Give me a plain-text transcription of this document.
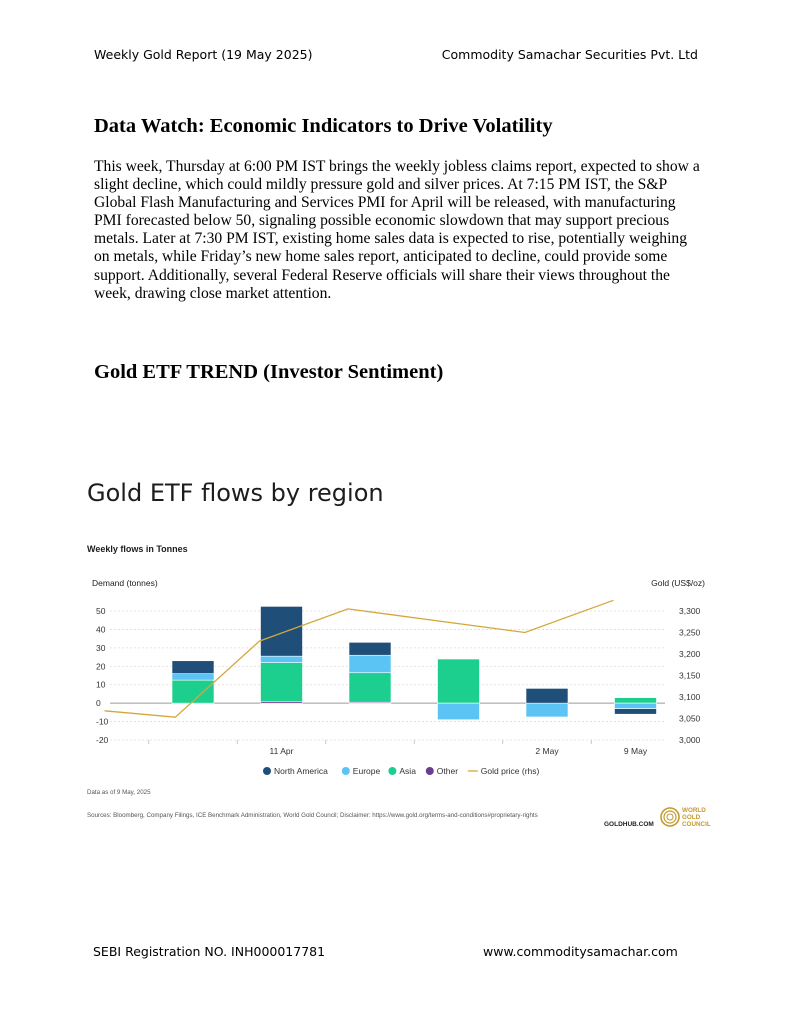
Weekly Gold Report (19 May 2025)	Commodity Samachar Securities Pvt. Ltd
Data Watch: Economic Indicators to Drive Volatility
This week, Thursday at 6:00 PM IST brings the weekly jobless claims report, expected to show a slight decline, which could mildly pressure gold and silver prices. At 7:15 PM IST, the S&P Global Flash Manufacturing and Services PMI for April will be released, with manufacturing PMI forecasted below 50, signaling possible economic slowdown that may support precious metals. Later at 7:30 PM IST, existing home sales data is expected to rise, potentially weighing on metals, while Friday’s new home sales report, anticipated to decline, could provide some support. Additionally, several Federal Reserve officials will share their views throughout the week, drawing close market attention.
Gold ETF TREND (Investor Sentiment)
Gold ETF flows by region
Weekly flows in Tonnes
Demand (tonnes)	Gold (US$/oz)
-20
-10
0
10
20
30
40
50
3,000
3,050
3,100
3,150
3,200
3,250
3,300
11 Apr	2 May	9 May
North America	Europe Asia Other	Gold price (rhs)
Data as of 9 May, 2025
Sources: Bloomberg, Company Filings, ICE Benchmark Administration, World Gold Council; Disclaimer: https://www.gold.org/terms-and-conditions#proprietary-rights
GOLDHUB.COM
WORLD
GOLD
COUNCIL
SEBI Registration NO. INH000017781	www.commoditysamachar.com
